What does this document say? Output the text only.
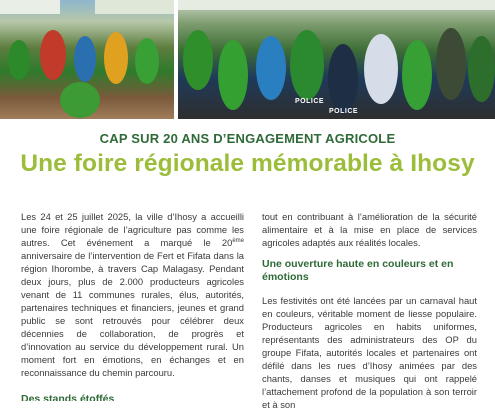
POLICE
POLICE
CAP SUR 20 ANS D’ENGAGEMENT AGRICOLE
Une foire régionale mémorable à Ihosy

Les 24 et 25 juillet 2025, la ville d’Ihosy a accueilli une foire régionale de l’agriculture pas comme les autres. Cet événement a marqué le 20ème anniversaire de l’intervention de Fert et Fifata dans la région Ihorombe, à travers Cap Malagasy. Pendant deux jours, plus de 2.000 producteurs agricoles venant de 11 communes rurales, élus, autorités, partenaires techniques et financiers, jeunes et grand public se sont retrouvés pour célébrer deux décennies de collaboration, de progrès et d’innovation au service du développement rural. Un moment fort en émotions, en échanges et en reconnaissance du chemin parcouru.

Des stands étoffés

tout en contribuant à l’amélioration de la sécurité alimentaire et à la mise en place de services agricoles adaptés aux réalités locales.

Une ouverture haute en couleurs et en émotions

Les festivités ont été lancées par un carnaval haut en couleurs, véritable moment de liesse populaire. Producteurs agricoles en habits uniformes, représentants des administrateurs des OP du groupe Fifata, autorités locales et partenaires ont défilé dans les rues d’Ihosy animées par des chants, danses et musiques qui ont rappelé l’attachement profond de la population à son terroir et à son
